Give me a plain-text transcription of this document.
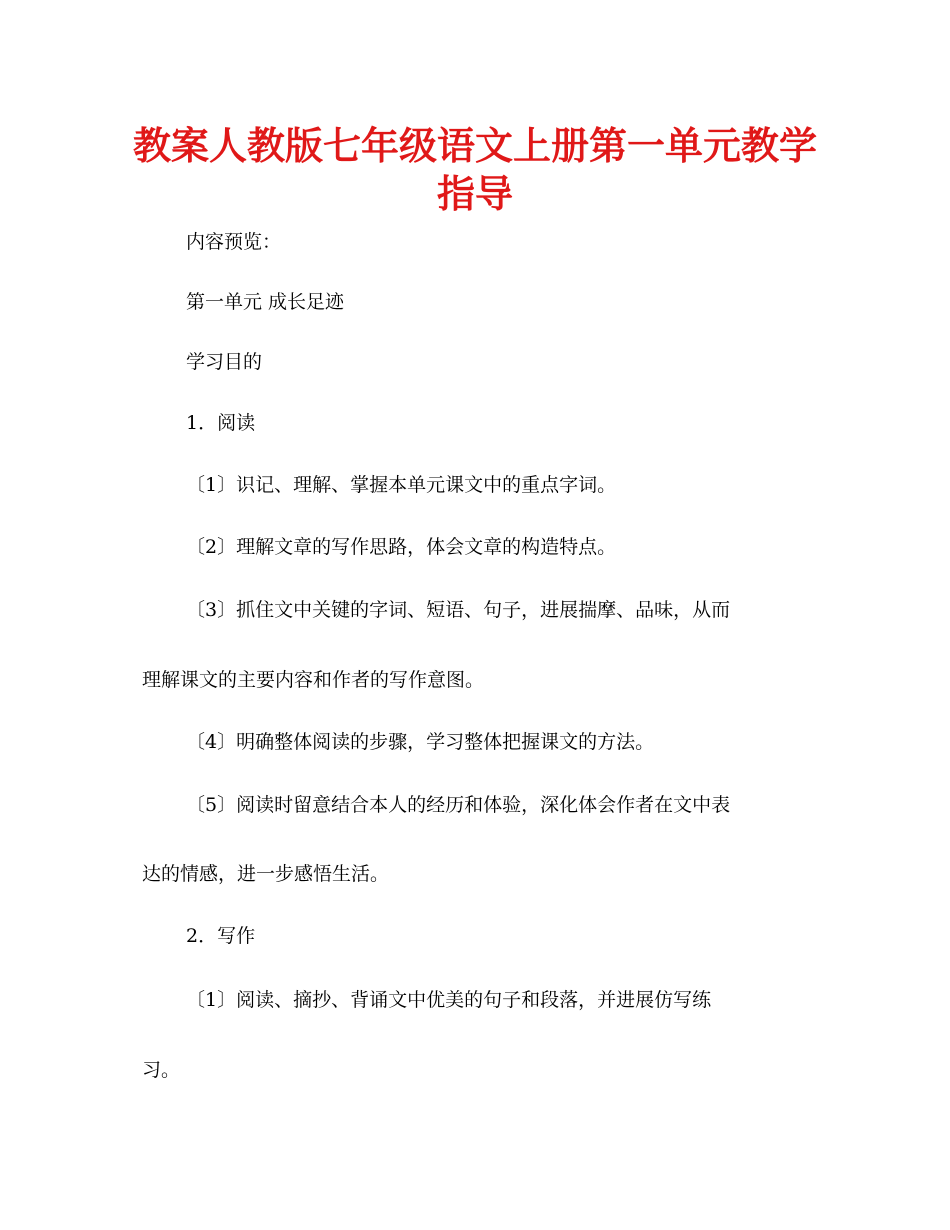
教案人教版七年级语文上册第一单元教学
指导

内容预览：

第一单元 成长足迹

学习目的

1．阅读

〔1〕识记、理解、掌握本单元课文中的重点字词。

〔2〕理解文章的写作思路，体会文章的构造特点。

〔3〕抓住文中关键的字词、短语、句子，进展揣摩、品味，从而

理解课文的主要内容和作者的写作意图。

〔4〕明确整体阅读的步骤，学习整体把握课文的方法。

〔5〕阅读时留意结合本人的经历和体验，深化体会作者在文中表

达的情感，进一步感悟生活。

2．写作

〔1〕阅读、摘抄、背诵文中优美的句子和段落，并进展仿写练

习。
